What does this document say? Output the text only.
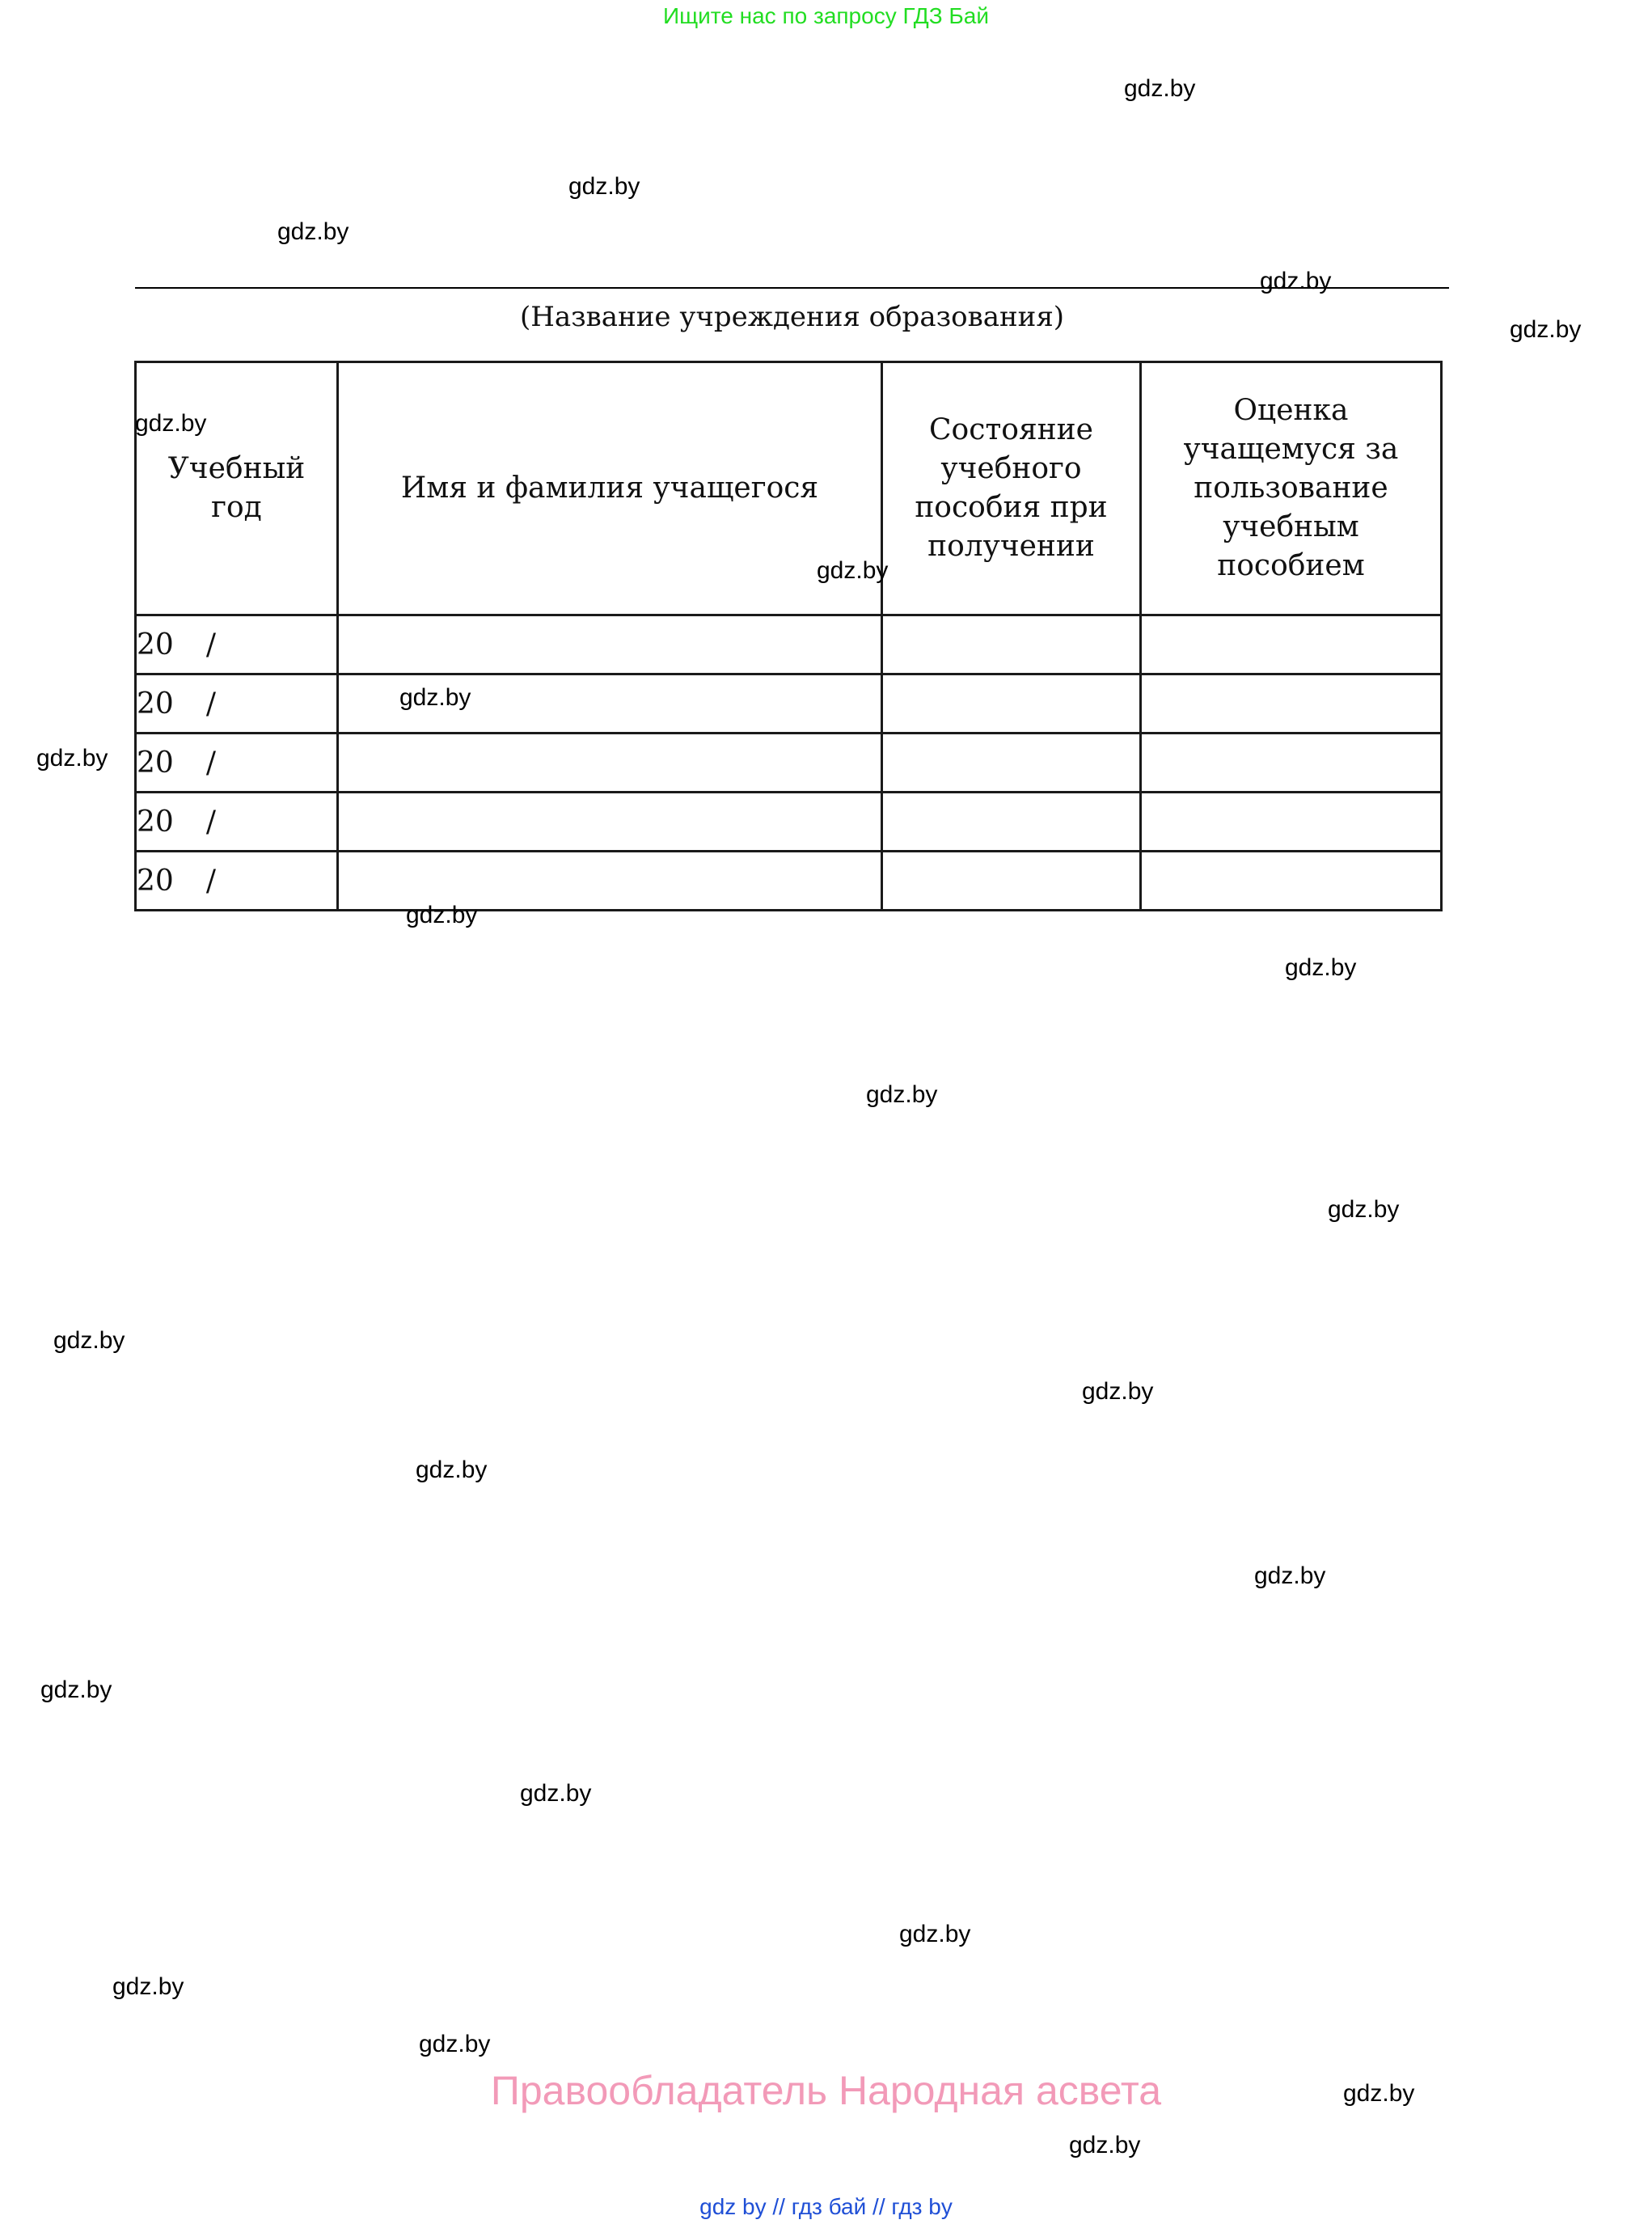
Ищите нас по запросу ГДЗ Бай
(Название учреждения образования)
Учебный год	Имя и фамилия учащегося	Состояние учебного пособия при получении	Оценка учащемуся за пользование учебным пособием

20 /			
20 /			
20 /			
20 /			
20 /			
gdz.by
gdz.by
gdz.by
gdz.by
gdz.by
gdz.by
gdz.by
gdz.by
gdz.by
gdz.by
gdz.by
gdz.by
gdz.by
gdz.by
gdz.by
gdz.by
gdz.by
gdz.by
gdz.by
gdz.by
gdz.by
gdz.by
gdz.by
gdz.by
Правообладатель Народная асвета
gdz by // гдз бай // гдз by
